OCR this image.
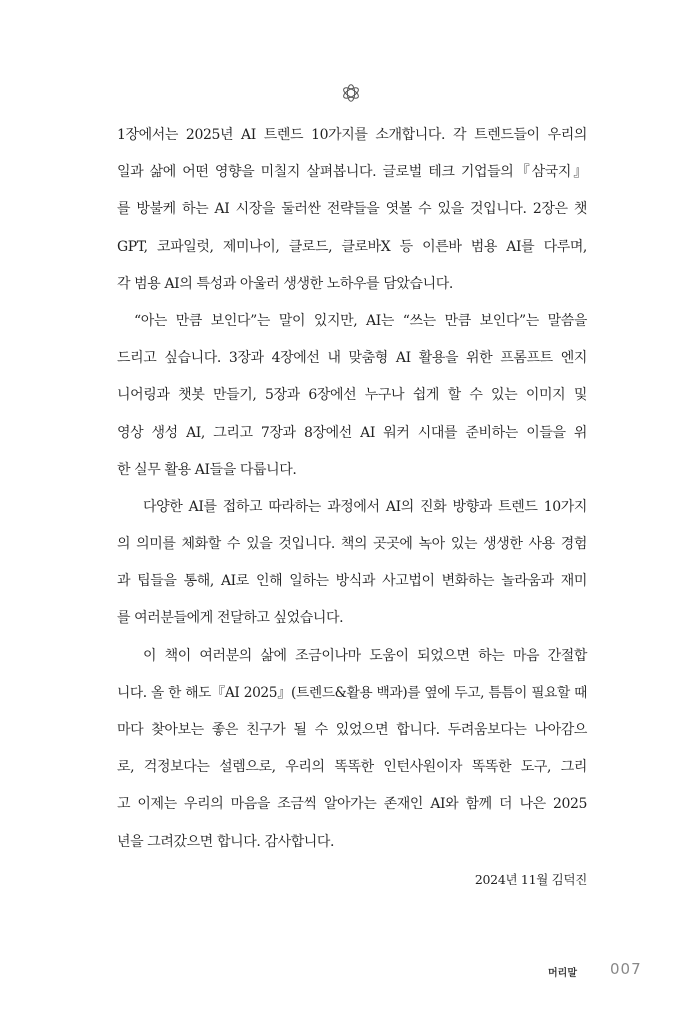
1장에서는 2025년 AI 트렌드 10가지를 소개합니다. 각 트렌드들이 우리의
일과 삶에 어떤 영향을 미칠지 살펴봅니다. 글로벌 테크 기업들의『삼국지』
를 방불케 하는 AI 시장을 둘러싼 전략들을 엿볼 수 있을 것입니다. 2장은 챗
GPT, 코파일럿, 제미나이, 클로드, 클로바X 등 이른바 범용 AI를 다루며,
각 범용 AI의 특성과 아울러 생생한 노하우를 담았습니다.
“아는 만큼 보인다”는 말이 있지만, AI는 “쓰는 만큼 보인다”는 말씀을
드리고 싶습니다. 3장과 4장에선 내 맞춤형 AI 활용을 위한 프롬프트 엔지
니어링과 챗봇 만들기, 5장과 6장에선 누구나 쉽게 할 수 있는 이미지 및
영상 생성 AI, 그리고 7장과 8장에선 AI 워커 시대를 준비하는 이들을 위
한 실무 활용 AI들을 다룹니다.
다양한 AI를 접하고 따라하는 과정에서 AI의 진화 방향과 트렌드 10가지
의 의미를 체화할 수 있을 것입니다. 책의 곳곳에 녹아 있는 생생한 사용 경험
과 팁들을 통해, AI로 인해 일하는 방식과 사고법이 변화하는 놀라움과 재미
를 여러분들에게 전달하고 싶었습니다.
이 책이 여러분의 삶에 조금이나마 도움이 되었으면 하는 마음 간절합
니다. 올 한 해도『AI 2025』(트렌드&활용 백과)를 옆에 두고, 틈틈이 필요할 때
마다 찾아보는 좋은 친구가 될 수 있었으면 합니다. 두려움보다는 나아감으
로, 걱정보다는 설렘으로, 우리의 똑똑한 인턴사원이자 똑똑한 도구, 그리
고 이제는 우리의 마음을 조금씩 알아가는 존재인 AI와 함께 더 나은 2025
년을 그려갔으면 합니다. 감사합니다.
2024년 11월 김덕진
머리말 007
